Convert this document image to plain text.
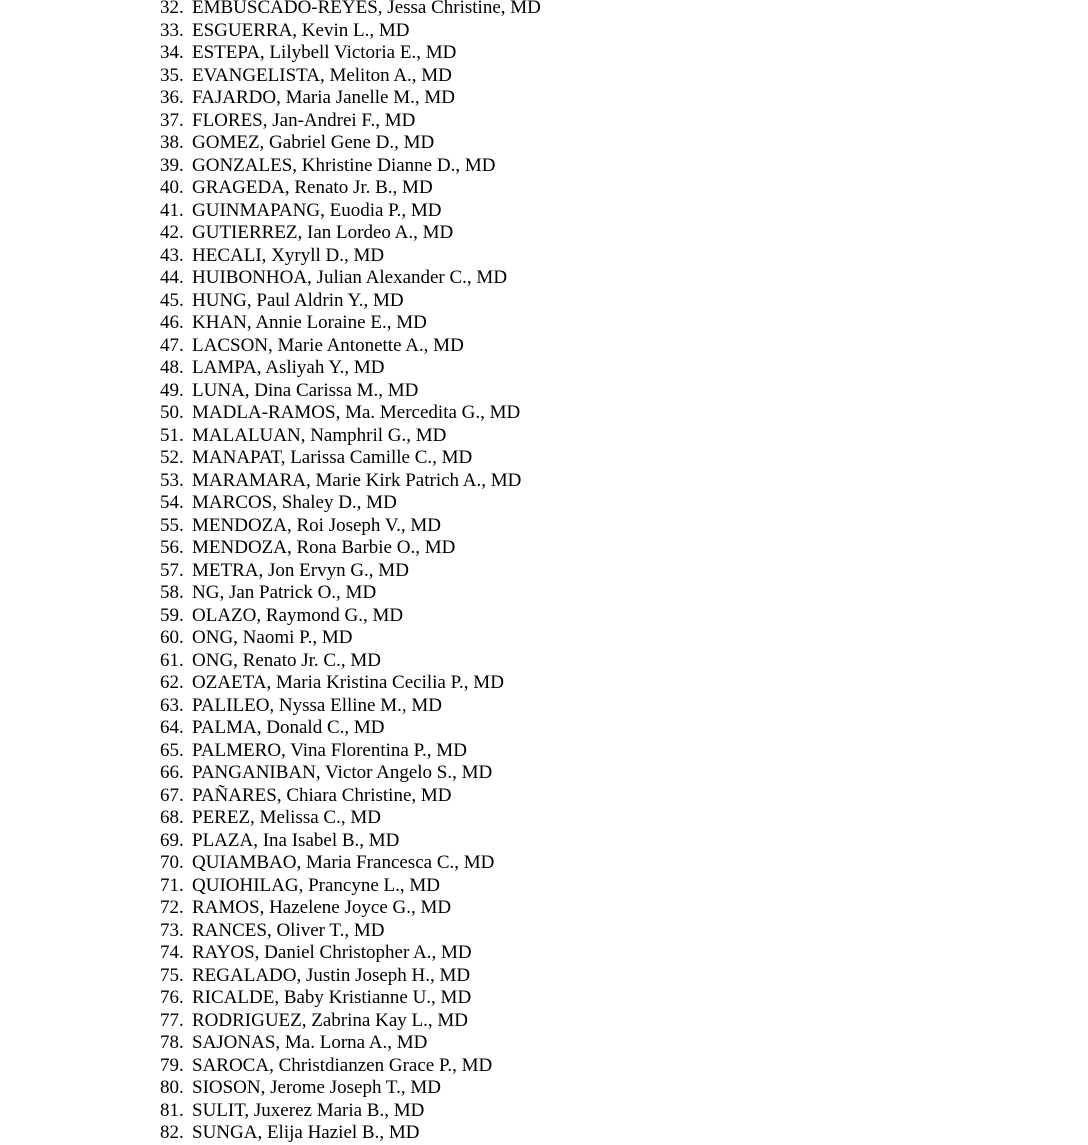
32. EMBUSCADO-REYES, Jessa Christine, MD
33. ESGUERRA, Kevin L., MD
34. ESTEPA, Lilybell Victoria E., MD
35. EVANGELISTA, Meliton A., MD
36. FAJARDO, Maria Janelle M., MD
37. FLORES, Jan-Andrei F., MD
38. GOMEZ, Gabriel Gene D., MD
39. GONZALES, Khristine Dianne D., MD
40. GRAGEDA, Renato Jr. B., MD
41. GUINMAPANG, Euodia P., MD
42. GUTIERREZ, Ian Lordeo A., MD
43. HECALI, Xyryll D., MD
44. HUIBONHOA, Julian Alexander C., MD
45. HUNG, Paul Aldrin Y., MD
46. KHAN, Annie Loraine E., MD
47. LACSON, Marie Antonette A., MD
48. LAMPA, Asliyah Y., MD
49. LUNA, Dina Carissa M., MD
50. MADLA-RAMOS, Ma. Mercedita G., MD
51. MALALUAN, Namphril G., MD
52. MANAPAT, Larissa Camille C., MD
53. MARAMARA, Marie Kirk Patrich A., MD
54. MARCOS, Shaley D., MD
55. MENDOZA, Roi Joseph V., MD
56. MENDOZA, Rona Barbie O., MD
57. METRA, Jon Ervyn G., MD
58. NG, Jan Patrick O., MD
59. OLAZO, Raymond G., MD
60. ONG, Naomi P., MD
61. ONG, Renato Jr. C., MD
62. OZAETA, Maria Kristina Cecilia P., MD
63. PALILEO, Nyssa Elline M., MD
64. PALMA, Donald C., MD
65. PALMERO, Vina Florentina P., MD
66. PANGANIBAN, Victor Angelo S., MD
67. PAÑARES, Chiara Christine, MD
68. PEREZ, Melissa C., MD
69. PLAZA, Ina Isabel B., MD
70. QUIAMBAO, Maria Francesca C., MD
71. QUIOHILAG, Prancyne L., MD
72. RAMOS, Hazelene Joyce G., MD
73. RANCES, Oliver T., MD
74. RAYOS, Daniel Christopher A., MD
75. REGALADO, Justin Joseph H., MD
76. RICALDE, Baby Kristianne U., MD
77. RODRIGUEZ, Zabrina Kay L., MD
78. SAJONAS, Ma. Lorna A., MD
79. SAROCA, Christdianzen Grace P., MD
80. SIOSON, Jerome Joseph T., MD
81. SULIT, Juxerez Maria B., MD
82. SUNGA, Elija Haziel B., MD
